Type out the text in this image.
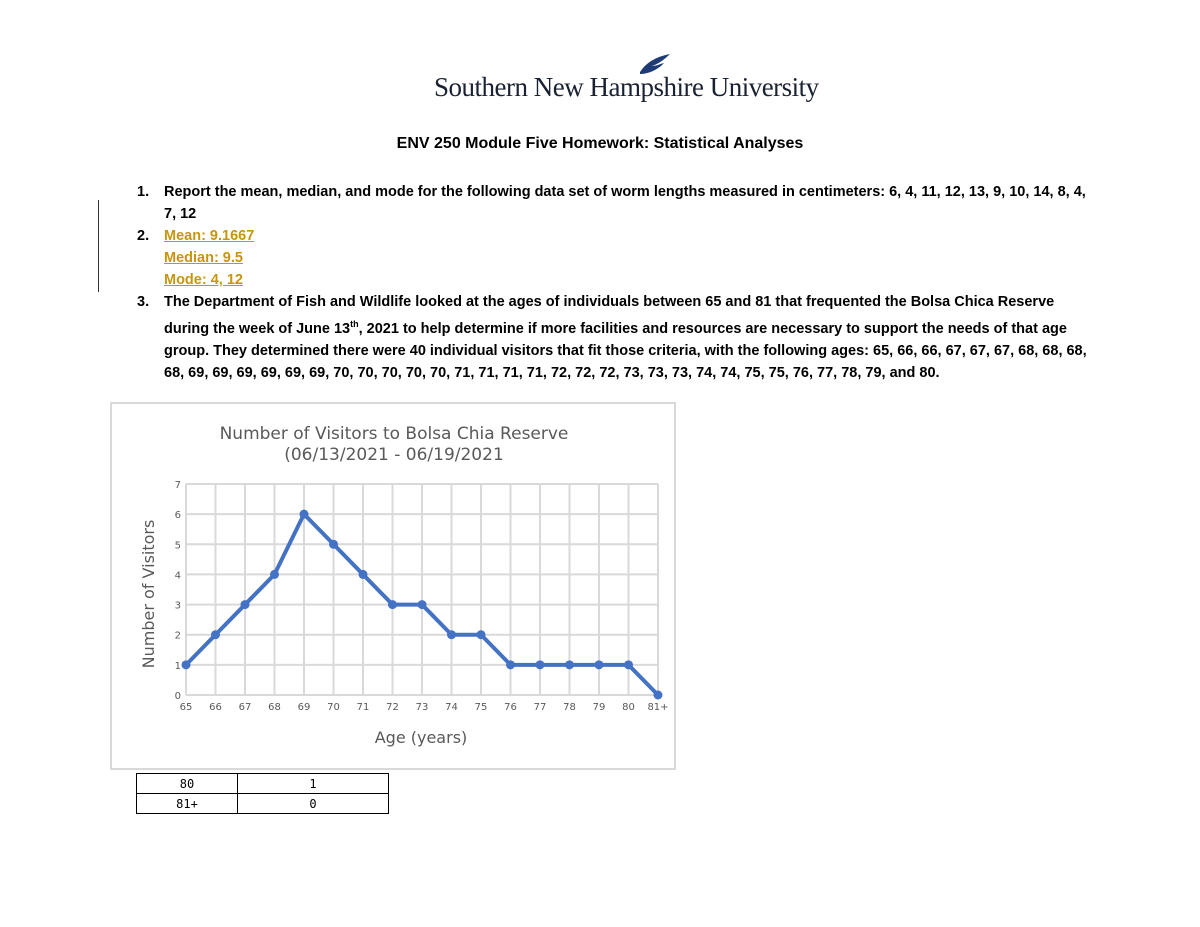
Southern New Hampshire University
ENV 250 Module Five Homework: Statistical Analyses
1. Report the mean, median, and mode for the following data set of worm lengths measured in centimeters: 6, 4, 11, 12, 13, 9, 10, 14, 8, 4, 7, 12
2. Mean: 9.1667
Median: 9.5
Mode: 4, 12
3. The Department of Fish and Wildlife looked at the ages of individuals between 65 and 81 that frequented the Bolsa Chica Reserve during the week of June 13th, 2021 to help determine if more facilities and resources are necessary to support the needs of that age group. They determined there were 40 individual visitors that fit those criteria, with the following ages: 65, 66, 66, 67, 67, 67, 68, 68, 68, 68, 69, 69, 69, 69, 69, 69, 70, 70, 70, 70, 70, 71, 71, 71, 71, 72, 72, 72, 73, 73, 73, 74, 74, 75, 75, 76, 77, 78, 79, and 80.
Number of Visitors to Bolsa Chia Reserve
(06/13/2021 - 06/19/2021
Number of Visitors
Age (years)
0
1
2
3
4
5
6
7
65 66 67 68 69 70 71 72 73 74 75 76 77 78 79 80 81+
80	1
81+	0
